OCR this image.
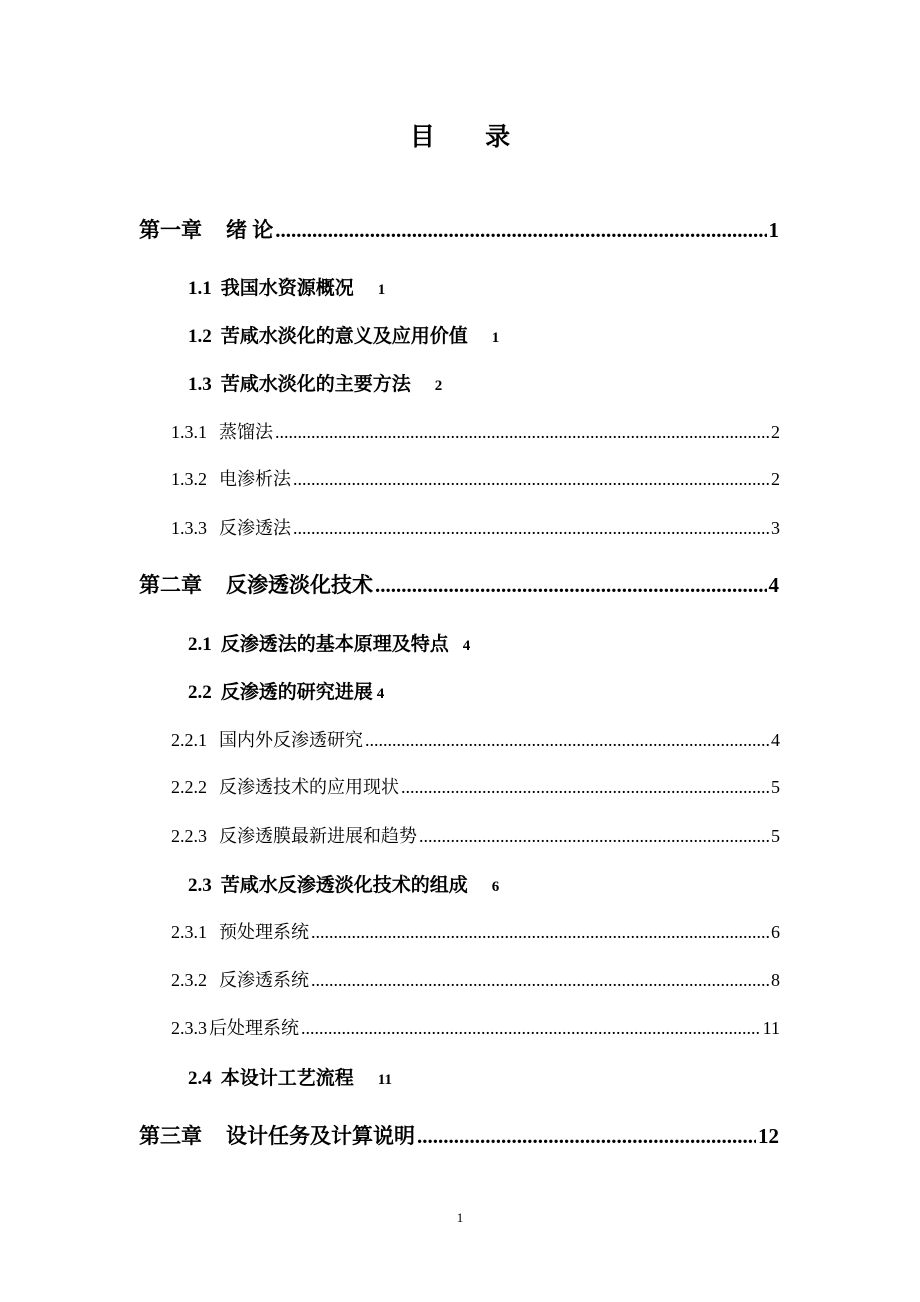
目 录
第一章 绪 论 .....	1
1.1 我国水资源概况 1
1.2 苦咸水淡化的意义及应用价值 1
1.3 苦咸水淡化的主要方法 2
1.3.1 蒸馏法 .....	2
1.3.2 电渗析法 .....	2
1.3.3 反渗透法 .....	3
第二章 反渗透淡化技术 .....	4
2.1 反渗透法的基本原理及特点 4
2.2 反渗透的研究进展 4
2.2.1 国内外反渗透研究 .....	4
2.2.2 反渗透技术的应用现状 .....	5
2.2.3 反渗透膜最新进展和趋势 .....	5
2.3 苦咸水反渗透淡化技术的组成 6
2.3.1 预处理系统 .....	6
2.3.2 反渗透系统 .....	8
2.3.3 后处理系统 .....	11
2.4 本设计工艺流程 11
第三章 设计任务及计算说明 .....	12
1
